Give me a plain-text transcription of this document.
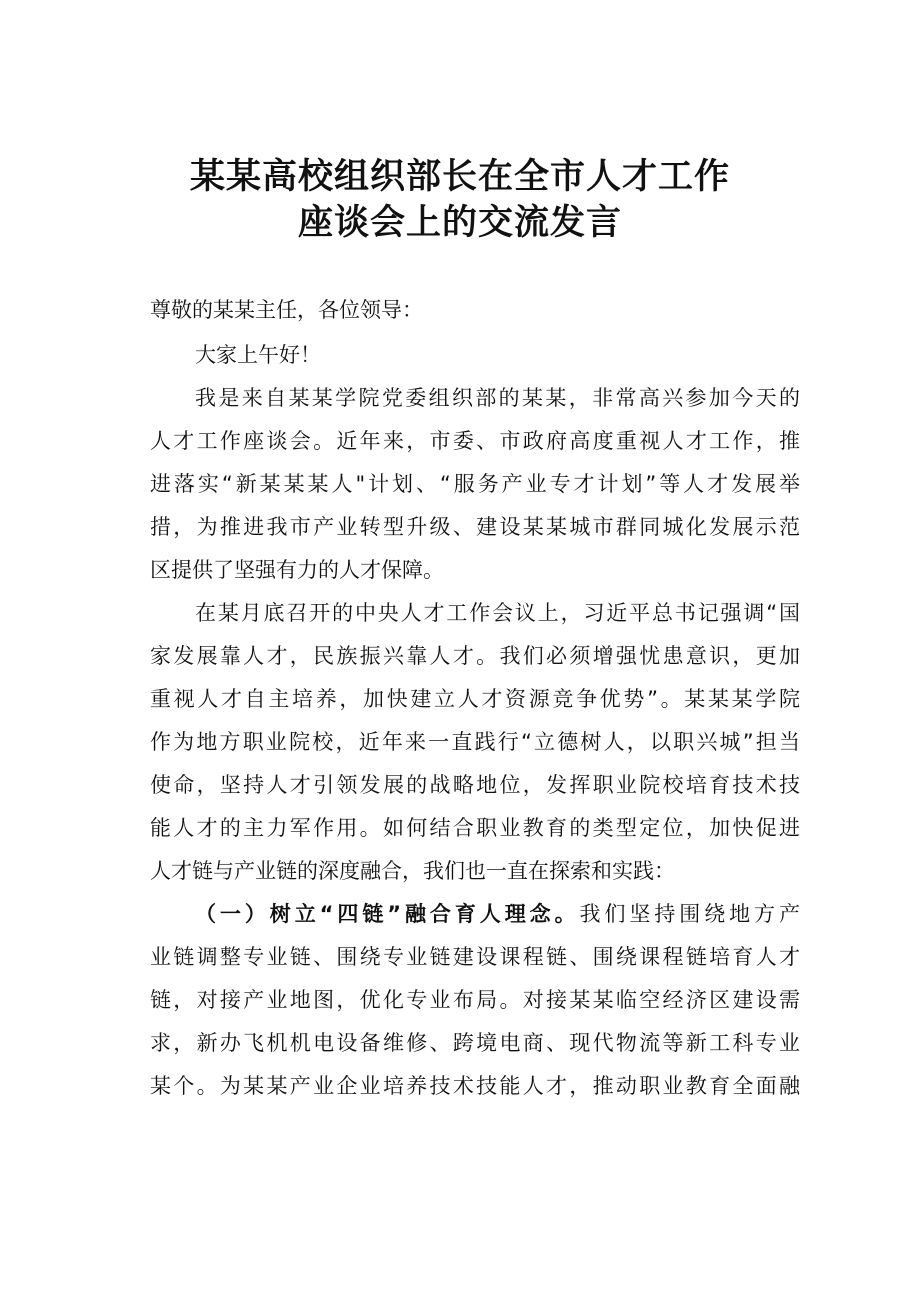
某某高校组织部长在全市人才工作
座谈会上的交流发言
尊敬的某某主任，各位领导：
大家上午好！
我是来自某某学院党委组织部的某某，非常高兴参加今天的
人才工作座谈会。近年来，市委、市政府高度重视人才工作，推
进落实“新某某某人"计划、“服务产业专才计划”等人才发展举
措，为推进我市产业转型升级、建设某某城市群同城化发展示范
区提供了坚强有力的人才保障。
在某月底召开的中央人才工作会议上，习近平总书记强调“国
家发展靠人才，民族振兴靠人才。我们必须增强忧患意识，更加
重视人才自主培养，加快建立人才资源竞争优势”。某某某学院
作为地方职业院校，近年来一直践行“立德树人，以职兴城”担当
使命，坚持人才引领发展的战略地位，发挥职业院校培育技术技
能人才的主力军作用。如何结合职业教育的类型定位，加快促进
人才链与产业链的深度融合，我们也一直在探索和实践：
（一）树立“四链”融合育人理念。我们坚持围绕地方产
业链调整专业链、围绕专业链建设课程链、围绕课程链培育人才
链，对接产业地图，优化专业布局。对接某某临空经济区建设需
求，新办飞机机电设备维修、跨境电商、现代物流等新工科专业
某个。为某某产业企业培养技术技能人才，推动职业教育全面融
